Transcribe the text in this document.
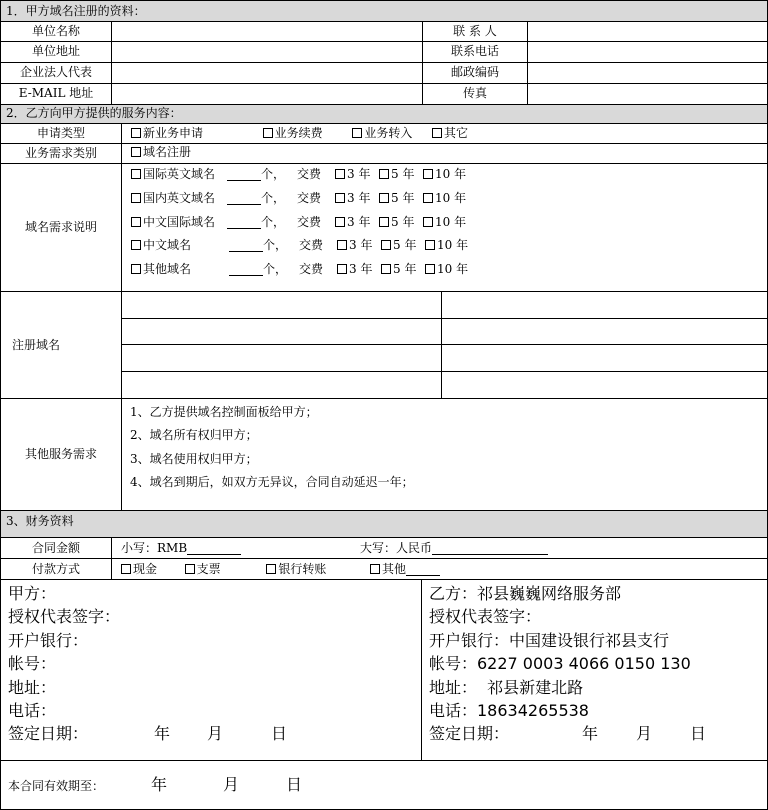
1．甲方域名注册的资料：
单位名称	联 系 人
单位地址	联系电话
企业法人代表	邮政编码
E-MAIL 地址	传真
2．乙方向甲方提供的服务内容：
申请类型	新业务申请	业务续费	业务转入	其它
业务需求类别	域名注册
域名需求说明
国际英文域名	个， 交费 3 年 5 年 10 年
国内英文域名	个， 交费 3 年 5 年 10 年
中文国际域名	个， 交费 3 年 5 年 10 年
中文域名	个， 交费 3 年 5 年 10 年
其他域名	个， 交费 3 年 5 年 10 年
注册域名
其他服务需求
1、乙方提供域名控制面板给甲方；
2、域名所有权归甲方；
3、域名使用权归甲方；
4、域名到期后，如双方无异议，合同自动延迟一年；
3、财务资料
合同金额	小写：RMB	大写：人民币
付款方式	现金	支票	银行转账	其他
甲方：
授权代表签字：
开户银行：
帐号：
地址：
电话：
签定日期：	年 月	日
乙方：祁县巍巍网络服务部
授权代表签字：
开户银行：中国建设银行祁县支行
帐号：6227 0003 4066 0150 130
地址：  祁县新建北路
电话：18634265538
签定日期：	年 月 日
本合同有效期至：	年	月	日
